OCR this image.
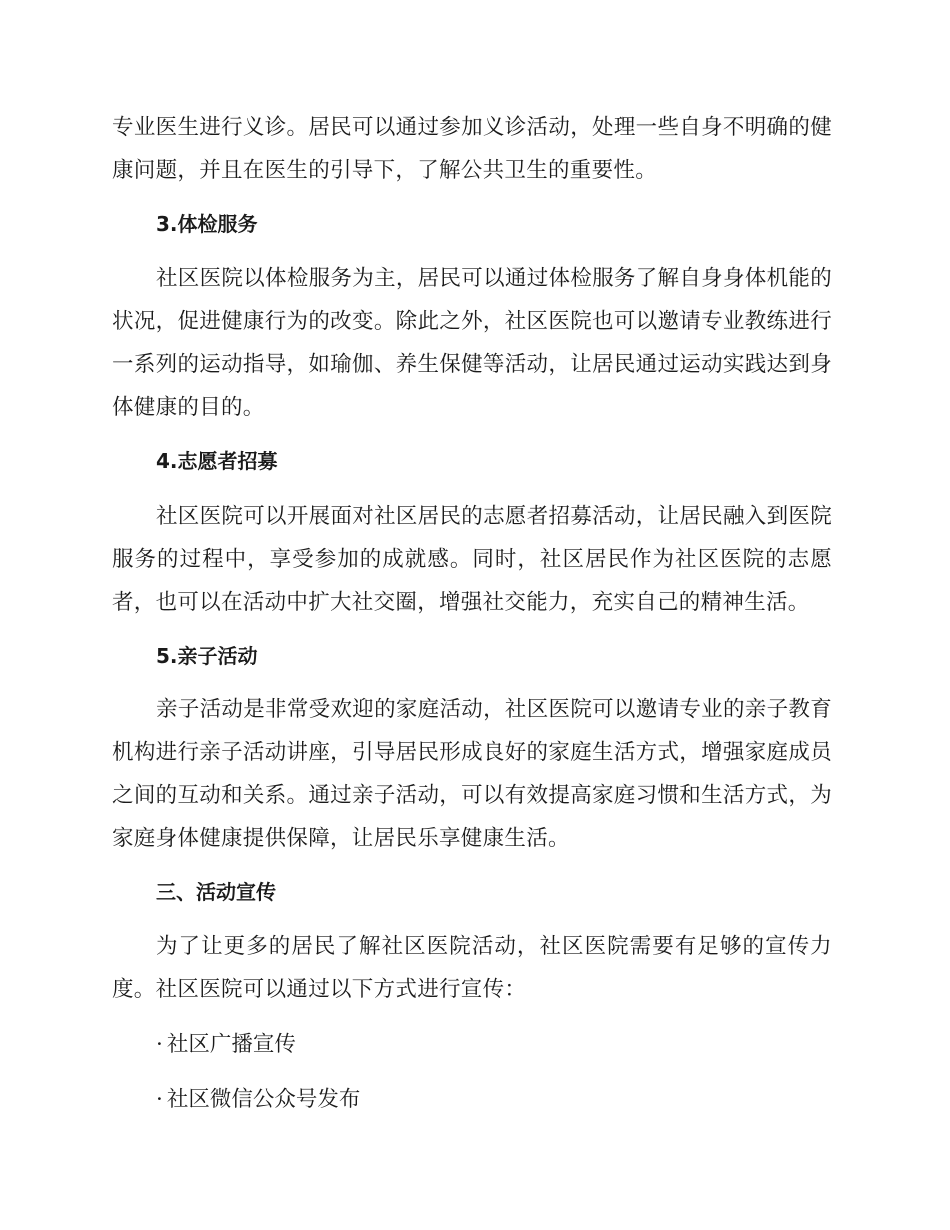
专业医生进行义诊。居民可以通过参加义诊活动，处理一些自身不明确的健康问题，并且在医生的引导下，了解公共卫生的重要性。

3.体检服务

社区医院以体检服务为主，居民可以通过体检服务了解自身身体机能的状况，促进健康行为的改变。除此之外，社区医院也可以邀请专业教练进行一系列的运动指导，如瑜伽、养生保健等活动，让居民通过运动实践达到身体健康的目的。

4.志愿者招募

社区医院可以开展面对社区居民的志愿者招募活动，让居民融入到医院服务的过程中，享受参加的成就感。同时，社区居民作为社区医院的志愿者，也可以在活动中扩大社交圈，增强社交能力，充实自己的精神生活。

5.亲子活动

亲子活动是非常受欢迎的家庭活动，社区医院可以邀请专业的亲子教育机构进行亲子活动讲座，引导居民形成良好的家庭生活方式，增强家庭成员之间的互动和关系。通过亲子活动，可以有效提高家庭习惯和生活方式，为家庭身体健康提供保障，让居民乐享健康生活。

三、活动宣传

为了让更多的居民了解社区医院活动，社区医院需要有足够的宣传力度。社区医院可以通过以下方式进行宣传：

· 社区广播宣传
· 社区微信公众号发布
